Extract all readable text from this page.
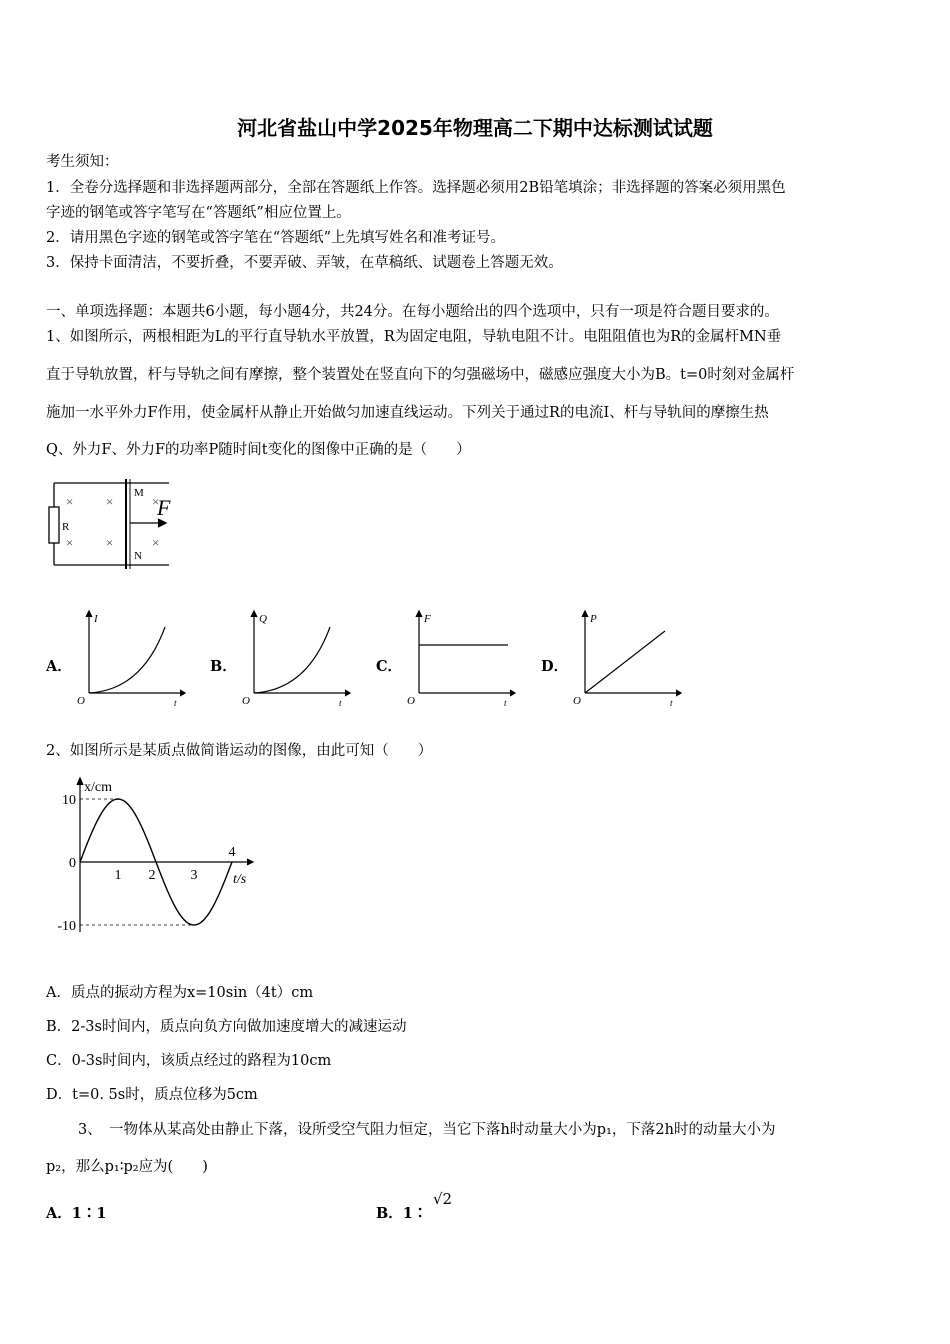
河北省盐山中学2025年物理高二下期中达标测试试题
考生须知：
1．全卷分选择题和非选择题两部分，全部在答题纸上作答。选择题必须用2B铅笔填涂；非选择题的答案必须用黑色
字迹的钢笔或答字笔写在“答题纸”相应位置上。
2．请用黑色字迹的钢笔或答字笔在“答题纸”上先填写姓名和准考证号。
3．保持卡面清洁，不要折叠，不要弄破、弄皱，在草稿纸、试题卷上答题无效。
一、单项选择题：本题共6小题，每小题4分，共24分。在每小题给出的四个选项中，只有一项是符合题目要求的。
1、如图所示，两根相距为L的平行直导轨水平放置，R为固定电阻，导轨电阻不计。电阻阻值也为R的金属杆MN垂
直于导轨放置，杆与导轨之间有摩擦，整个装置处在竖直向下的匀强磁场中，磁感应强度大小为B。t=0时刻对金属杆
施加一水平外力F作用，使金属杆从静止开始做匀加速直线运动。下列关于通过R的电流I、杆与导轨间的摩擦生热
Q、外力F、外力F的功率P随时间t变化的图像中正确的是（　　）
R
M
N
F
×	×	×
×	×	×
A．
I
t
O
B．
Q
t
O
C．
F
t
O
D．
P
t
O
2、如图所示是某质点做简谐运动的图像，由此可知（　　）
x/cm
t/s
10
0
-10
1 2	3
4
A．质点的振动方程为x=10sin（4t）cm
B．2-3s时间内，质点向负方向做加速度增大的减速运动
C．0-3s时间内，该质点经过的路程为10cm
D．t=0. 5s时，质点位移为5cm
3、　一物体从某高处由静止下落，设所受空气阻力恒定，当它下落h时动量大小为p₁，下落2h时的动量大小为
p₂，那么p₁∶p₂应为(　　)
A．1∶1	B．1∶
√2
